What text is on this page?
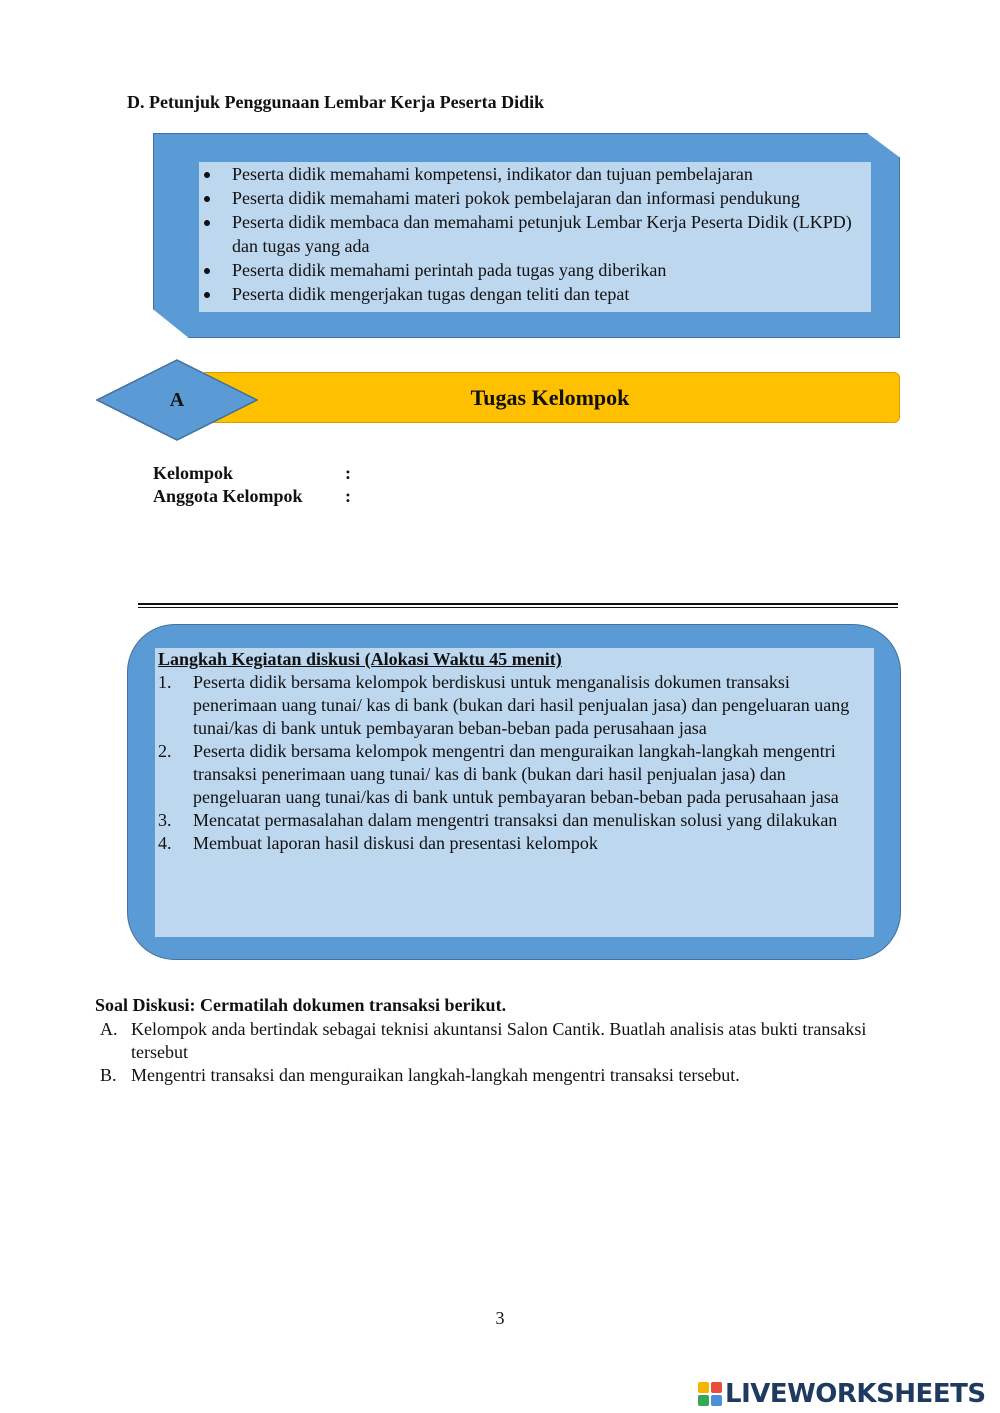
D. Petunjuk Penggunaan Lembar Kerja Peserta Didik
Peserta didik memahami kompetensi, indikator dan tujuan pembelajaran
Peserta didik memahami materi pokok pembelajaran dan informasi pendukung
Peserta didik membaca dan memahami petunjuk Lembar Kerja Peserta Didik (LKPD) dan tugas yang ada
Peserta didik memahami perintah pada tugas yang diberikan
Peserta didik mengerjakan tugas dengan teliti dan tepat
Tugas Kelompok
A
Kelompok	:
Anggota Kelompok :
Langkah Kegiatan diskusi (Alokasi Waktu 45 menit)
1.	Peserta didik bersama kelompok berdiskusi untuk menganalisis dokumen transaksi penerimaan uang tunai/ kas di bank (bukan dari hasil penjualan jasa) dan pengeluaran uang tunai/kas di bank untuk pembayaran beban-beban pada perusahaan jasa
2.	Peserta didik bersama kelompok mengentri dan menguraikan langkah-langkah mengentri transaksi penerimaan uang tunai/ kas di bank (bukan dari hasil penjualan jasa) dan pengeluaran uang tunai/kas di bank untuk pembayaran beban-beban pada perusahaan jasa
3.	Mencatat permasalahan dalam mengentri transaksi dan menuliskan solusi yang dilakukan
4.	Membuat laporan hasil diskusi dan presentasi kelompok
Soal Diskusi: Cermatilah dokumen transaksi berikut.
A. Kelompok anda bertindak sebagai teknisi akuntansi Salon Cantik. Buatlah analisis atas bukti transaksi tersebut
B. Mengentri transaksi dan menguraikan langkah-langkah mengentri transaksi tersebut.
3
LIVEWORKSHEETS
